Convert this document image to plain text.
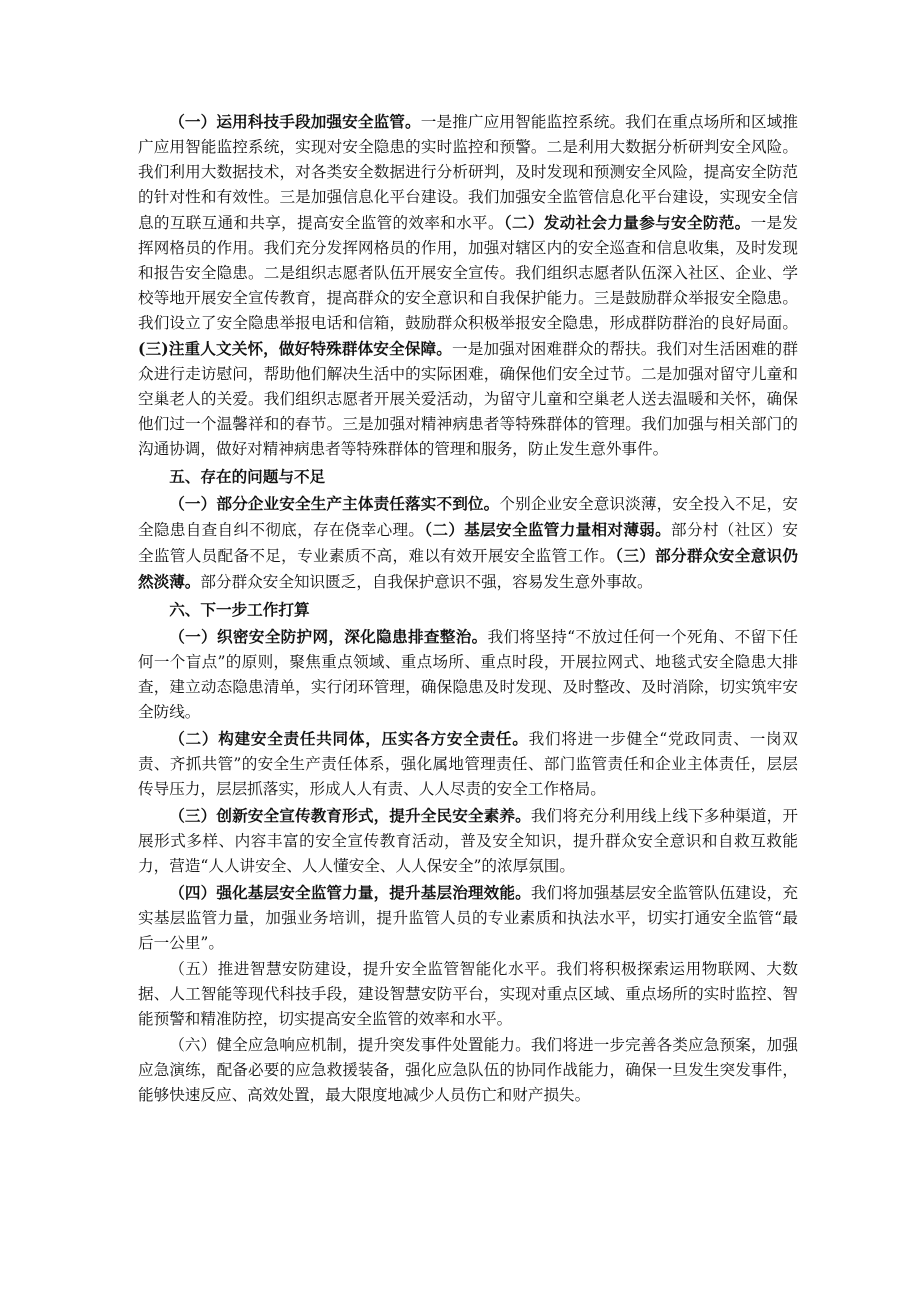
（一）运用科技手段加强安全监管。一是推广应用智能监控系统。我们在重点场所和区域推广应用智能监控系统，实现对安全隐患的实时监控和预警。二是利用大数据分析研判安全风险。我们利用大数据技术，对各类安全数据进行分析研判，及时发现和预测安全风险，提高安全防范的针对性和有效性。三是加强信息化平台建设。我们加强安全监管信息化平台建设，实现安全信息的互联互通和共享，提高安全监管的效率和水平。（二）发动社会力量参与安全防范。一是发挥网格员的作用。我们充分发挥网格员的作用，加强对辖区内的安全巡查和信息收集，及时发现和报告安全隐患。二是组织志愿者队伍开展安全宣传。我们组织志愿者队伍深入社区、企业、学校等地开展安全宣传教育，提高群众的安全意识和自我保护能力。三是鼓励群众举报安全隐患。我们设立了安全隐患举报电话和信箱，鼓励群众积极举报安全隐患，形成群防群治的良好局面。(三)注重人文关怀，做好特殊群体安全保障。一是加强对困难群众的帮扶。我们对生活困难的群众进行走访慰问，帮助他们解决生活中的实际困难，确保他们安全过节。二是加强对留守儿童和空巢老人的关爱。我们组织志愿者开展关爱活动，为留守儿童和空巢老人送去温暖和关怀，确保他们过一个温馨祥和的春节。三是加强对精神病患者等特殊群体的管理。我们加强与相关部门的沟通协调，做好对精神病患者等特殊群体的管理和服务，防止发生意外事件。

五、存在的问题与不足

（一）部分企业安全生产主体责任落实不到位。个别企业安全意识淡薄，安全投入不足，安全隐患自查自纠不彻底，存在侥幸心理。（二）基层安全监管力量相对薄弱。部分村（社区）安全监管人员配备不足，专业素质不高，难以有效开展安全监管工作。（三）部分群众安全意识仍然淡薄。部分群众安全知识匮乏，自我保护意识不强，容易发生意外事故。

六、下一步工作打算

（一）织密安全防护网，深化隐患排查整治。我们将坚持“不放过任何一个死角、不留下任何一个盲点”的原则，聚焦重点领域、重点场所、重点时段，开展拉网式、地毯式安全隐患大排查，建立动态隐患清单，实行闭环管理，确保隐患及时发现、及时整改、及时消除，切实筑牢安全防线。

（二）构建安全责任共同体，压实各方安全责任。我们将进一步健全“党政同责、一岗双责、齐抓共管”的安全生产责任体系，强化属地管理责任、部门监管责任和企业主体责任，层层传导压力，层层抓落实，形成人人有责、人人尽责的安全工作格局。

（三）创新安全宣传教育形式，提升全民安全素养。我们将充分利用线上线下多种渠道，开展形式多样、内容丰富的安全宣传教育活动，普及安全知识，提升群众安全意识和自救互救能力，营造“人人讲安全、人人懂安全、人人保安全”的浓厚氛围。

（四）强化基层安全监管力量，提升基层治理效能。我们将加强基层安全监管队伍建设，充实基层监管力量，加强业务培训，提升监管人员的专业素质和执法水平，切实打通安全监管“最后一公里”。

（五）推进智慧安防建设，提升安全监管智能化水平。我们将积极探索运用物联网、大数据、人工智能等现代科技手段，建设智慧安防平台，实现对重点区域、重点场所的实时监控、智能预警和精准防控，切实提高安全监管的效率和水平。

（六）健全应急响应机制，提升突发事件处置能力。我们将进一步完善各类应急预案，加强应急演练，配备必要的应急救援装备，强化应急队伍的协同作战能力，确保一旦发生突发事件，能够快速反应、高效处置，最大限度地减少人员伤亡和财产损失。
